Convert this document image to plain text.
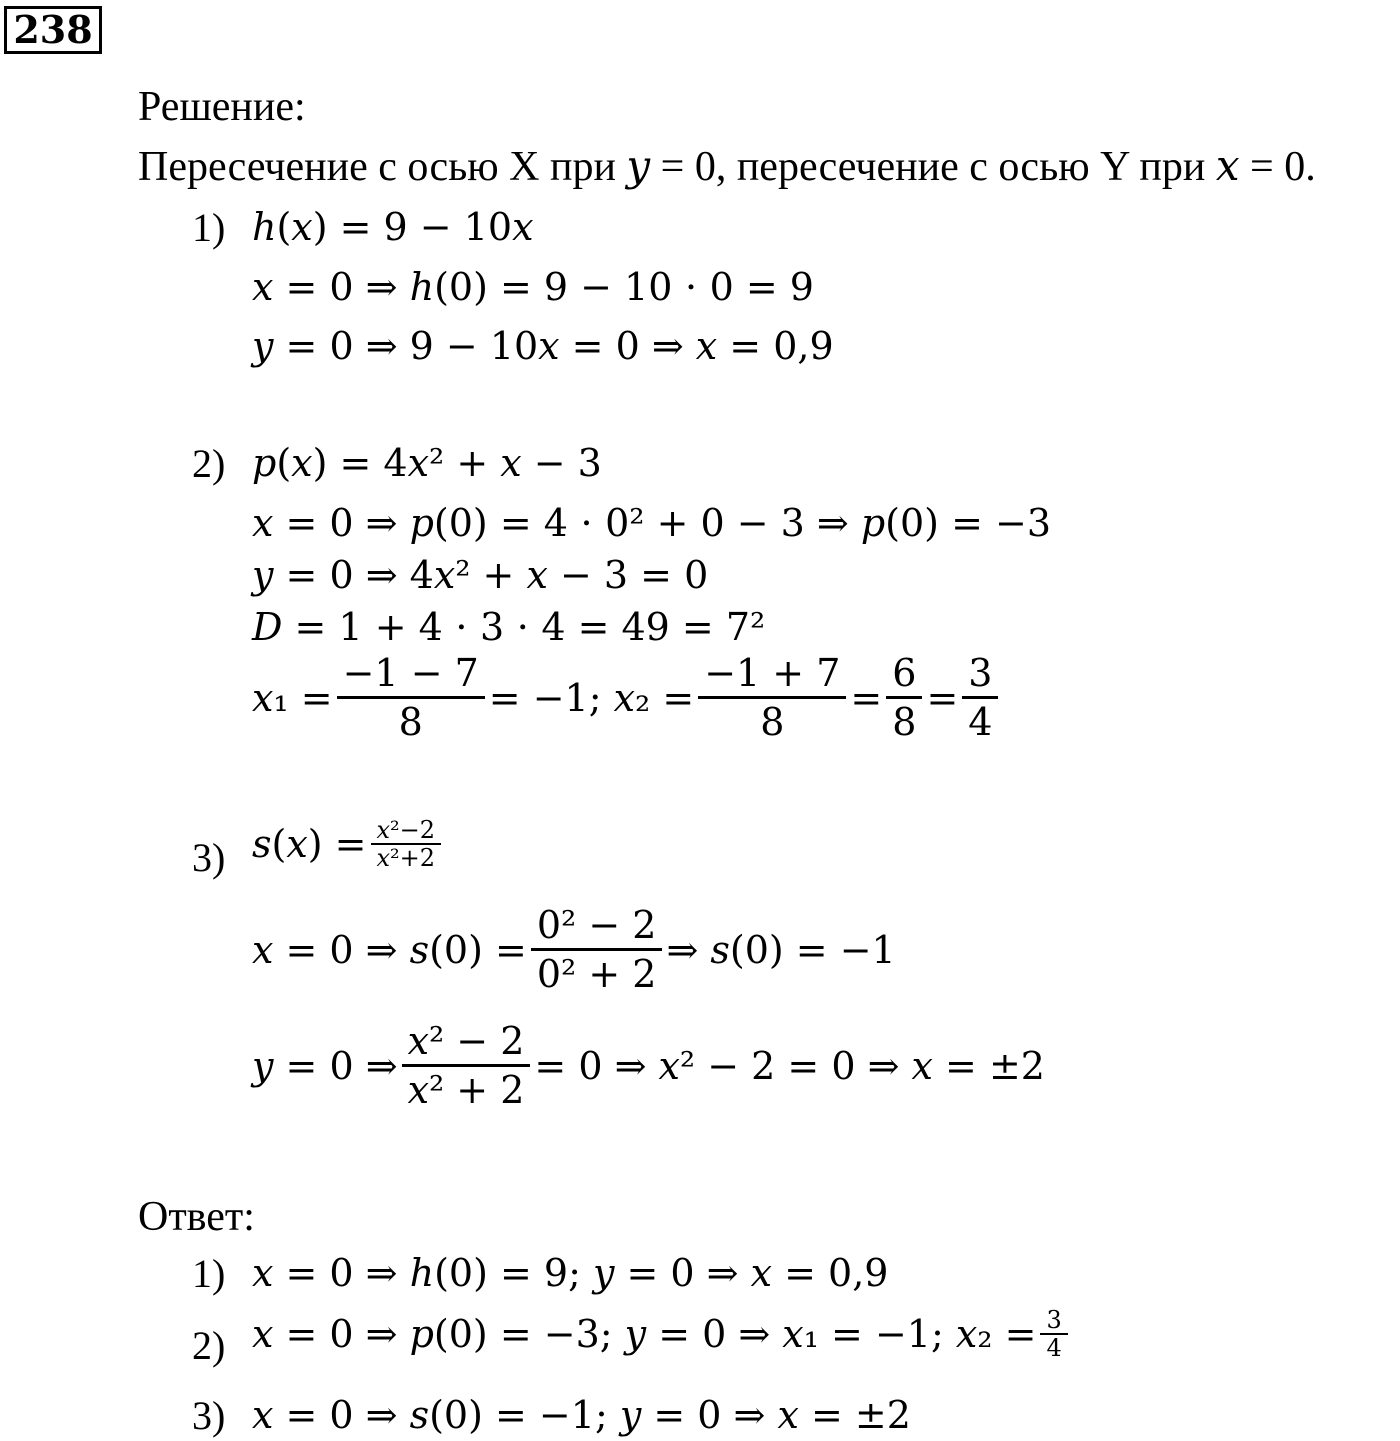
238
Решение:
Пересечение с осью X при 𝑦 = 0, пересечение с осью Y при 𝑥 = 0.
1) ℎ(𝑥) = 9 − 10𝑥
𝑥 = 0 ⇒ ℎ(0) = 9 − 10 ⋅ 0 = 9
𝑦 = 0 ⇒ 9 − 10𝑥 = 0 ⇒ 𝑥 = 0,9
2) 𝑝(𝑥) = 4𝑥² + 𝑥 − 3
𝑥 = 0 ⇒ 𝑝(0) = 4 ⋅ 0² + 0 − 3 ⇒ 𝑝(0) = −3
𝑦 = 0 ⇒ 4𝑥² + 𝑥 − 3 = 0
𝐷 = 1 + 4 ⋅ 3 ⋅ 4 = 49 = 7²
𝑥₁ = $\frac{-1 - 7}{8} = -1$; 𝑥₂ = $\frac{-1 + 7}{8} = \frac{6}{8} = \frac{3}{4}$
3) 𝑠(𝑥) = $\frac{\text{𝑥²−2}}{\text{𝑥²+2}}$
𝑥 = 0 ⇒ 𝑠(0) = $\frac{\text{0² − 2}}{\text{0² + 2}}$ ⇒ 𝑠(0) = −1
𝑦 = 0 ⇒ $\frac{\text{𝑥² − 2}}{\text{𝑥² + 2}} = 0$ ⇒ 𝑥² − 2 = 0 ⇒ 𝑥 = ±2
Ответ:
1) 𝑥 = 0 ⇒ ℎ(0) = 9; 𝑦 = 0 ⇒ 𝑥 = 0,9
2) 𝑥 = 0 ⇒ 𝑝(0) = −3; 𝑦 = 0 ⇒ 𝑥₁ = −1; 𝑥₂ = $\frac{3}{4}$
3) 𝑥 = 0 ⇒ 𝑠(0) = −1; 𝑦 = 0 ⇒ 𝑥 = ±2
